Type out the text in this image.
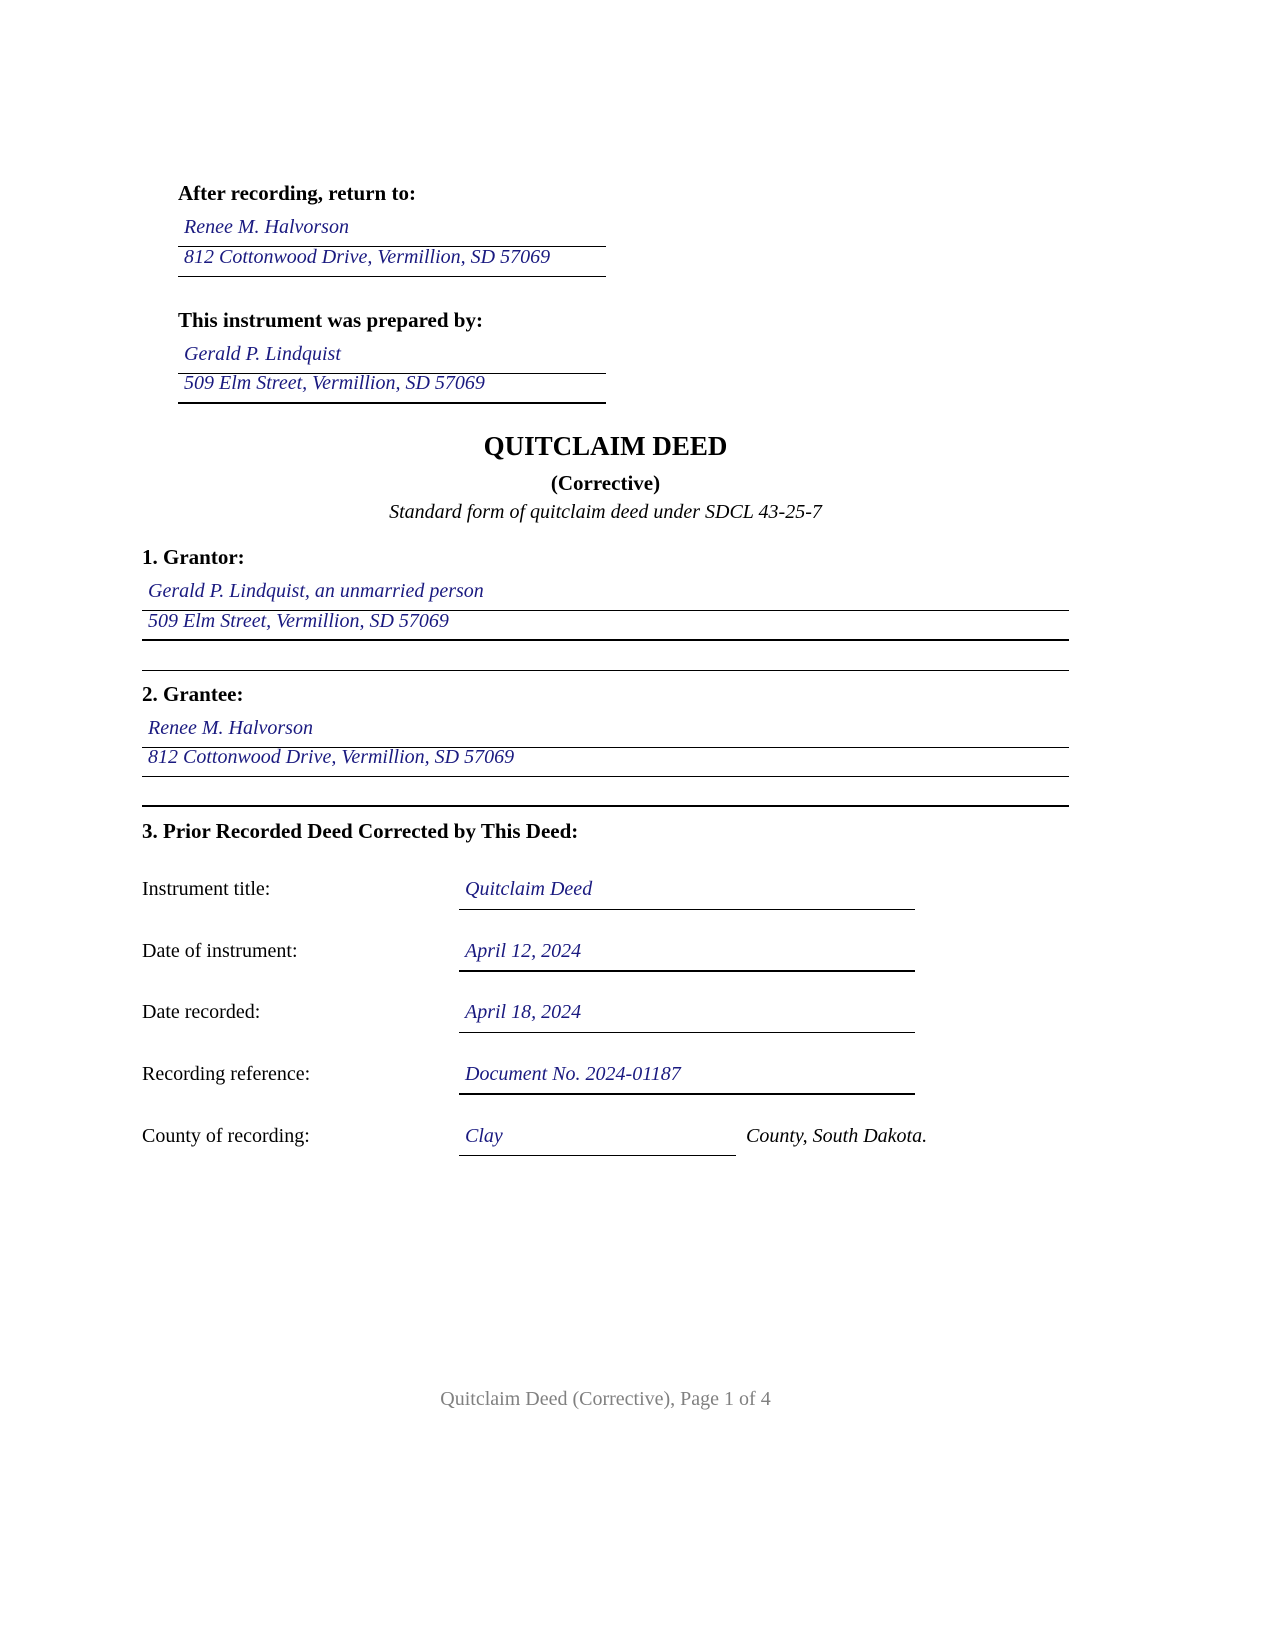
After recording, return to:
Renee M. Halvorson
812 Cottonwood Drive, Vermillion, SD 57069
This instrument was prepared by:
Gerald P. Lindquist
509 Elm Street, Vermillion, SD 57069
QUITCLAIM DEED
(Corrective)
Standard form of quitclaim deed under SDCL 43-25-7
1. Grantor:
Gerald P. Lindquist, an unmarried person
509 Elm Street, Vermillion, SD 57069
2. Grantee:
Renee M. Halvorson
812 Cottonwood Drive, Vermillion, SD 57069
3. Prior Recorded Deed Corrected by This Deed:
Instrument title:	Quitclaim Deed
Date of instrument:	April 12, 2024
Date recorded:	April 18, 2024
Recording reference:	Document No. 2024-01187
County of recording:	Clay	County, South Dakota.
Quitclaim Deed (Corrective), Page 1 of 4
